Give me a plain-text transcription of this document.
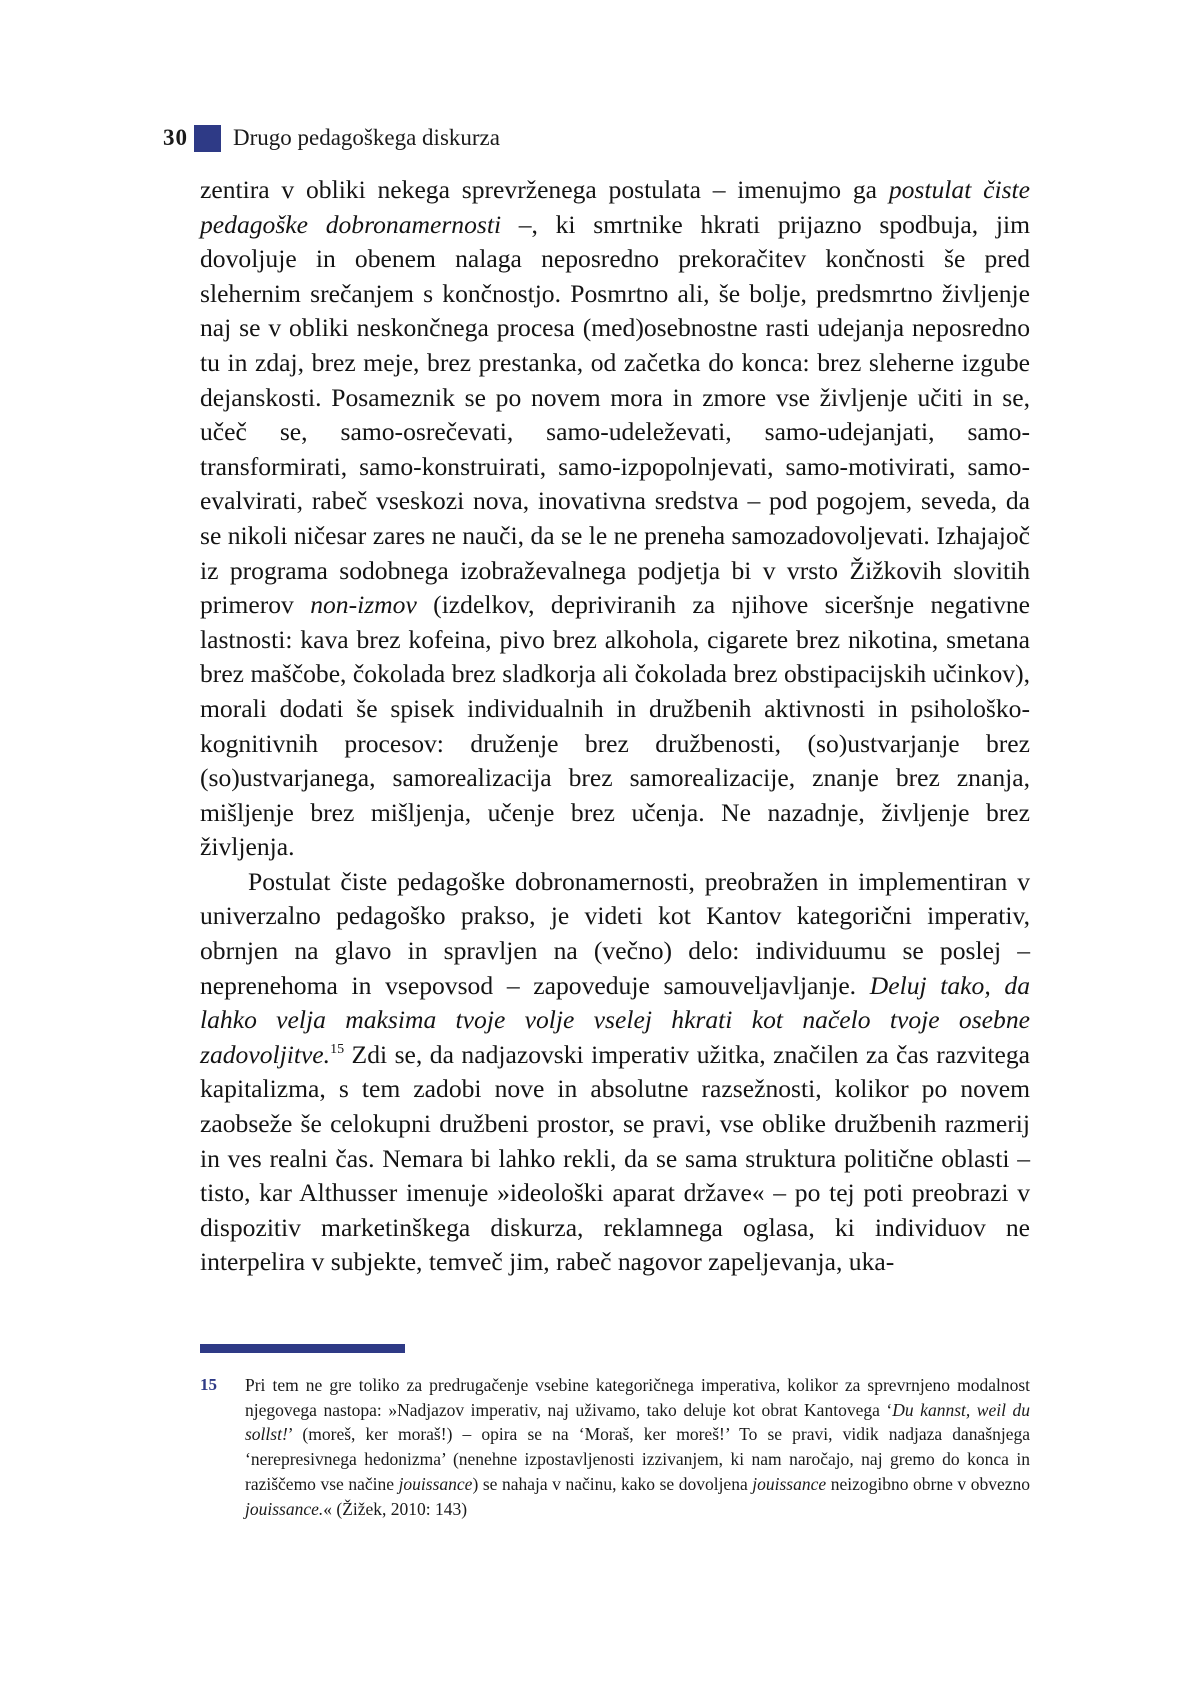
30 Drugo pedagoškega diskurza

zentira v obliki nekega sprevrženega postulata – imenujmo ga postulat čiste pedagoške dobronamernosti –, ki smrtnike hkrati prijazno spodbuja, jim dovoljuje in obenem nalaga neposredno prekoračitev končnosti še pred slehernim srečanjem s končnostjo. Posmrtno ali, še bolje, predsmrtno življenje naj se v obliki neskončnega procesa (med)osebnostne rasti udejanja neposredno tu in zdaj, brez meje, brez prestanka, od začetka do konca: brez sleherne izgube dejanskosti. Posameznik se po novem mora in zmore vse življenje učiti in se, učeč se, samo-osrečevati, samo-udeleževati, samo-udejanjati, samo-transformirati, samo-konstruirati, samo-izpopolnjevati, samo-motivirati, samo-evalvirati, rabeč vseskozi nova, inovativna sredstva – pod pogojem, seveda, da se nikoli ničesar zares ne nauči, da se le ne preneha samozadovoljevati. Izhajajoč iz programa sodobnega izobraževalnega podjetja bi v vrsto Žižkovih slovitih primerov non-izmov (izdelkov, depriviranih za njihove siceršnje negativne lastnosti: kava brez kofeina, pivo brez alkohola, cigarete brez nikotina, smetana brez maščobe, čokolada brez sladkorja ali čokolada brez obstipacijskih učinkov), morali dodati še spisek individualnih in družbenih aktivnosti in psihološko-kognitivnih procesov: druženje brez družbenosti, (so)ustvarjanje brez (so)ustvarjanega, samorealizacija brez samorealizacije, znanje brez znanja, mišljenje brez mišljenja, učenje brez učenja. Ne nazadnje, življenje brez življenja.

Postulat čiste pedagoške dobronamernosti, preobražen in implementiran v univerzalno pedagoško prakso, je videti kot Kantov kategorični imperativ, obrnjen na glavo in spravljen na (večno) delo: individuumu se poslej – neprenehoma in vsepovsod – zapoveduje samouveljavljanje. Deluj tako, da lahko velja maksima tvoje volje vselej hkrati kot načelo tvoje osebne zadovoljitve.$^{15}$ Zdi se, da nadjazovski imperativ užitka, značilen za čas razvitega kapitalizma, s tem zadobi nove in absolutne razsežnosti, kolikor po novem zaobseže še celokupni družbeni prostor, se pravi, vse oblike družbenih razmerij in ves realni čas. Nemara bi lahko rekli, da se sama struktura politične oblasti – tisto, kar Althusser imenuje »ideološki aparat države« – po tej poti preobrazi v dispozitiv marketinškega diskurza, reklamnega oglasa, ki individuov ne interpelira v subjekte, temveč jim, rabeč nagovor zapeljevanja, uka-

15	Pri tem ne gre toliko za predrugačenje vsebine kategoričnega imperativa, kolikor za sprevrnjeno modalnost njegovega nastopa: »Nadjazov imperativ, naj uživamo, tako deluje kot obrat Kantovega ‘Du kannst, weil du sollst!’ (moreš, ker moraš!) – opira se na ‘Moraš, ker moreš!’ To se pravi, vidik nadjaza današnjega ‘nerepresivnega hedonizma’ (nenehne izpostavljenosti izzivanjem, ki nam naročajo, naj gremo do konca in raziščemo vse načine jouissance) se nahaja v načinu, kako se dovoljena jouissance neizogibno obrne v obvezno jouissance.« (Žižek, 2010: 143)
